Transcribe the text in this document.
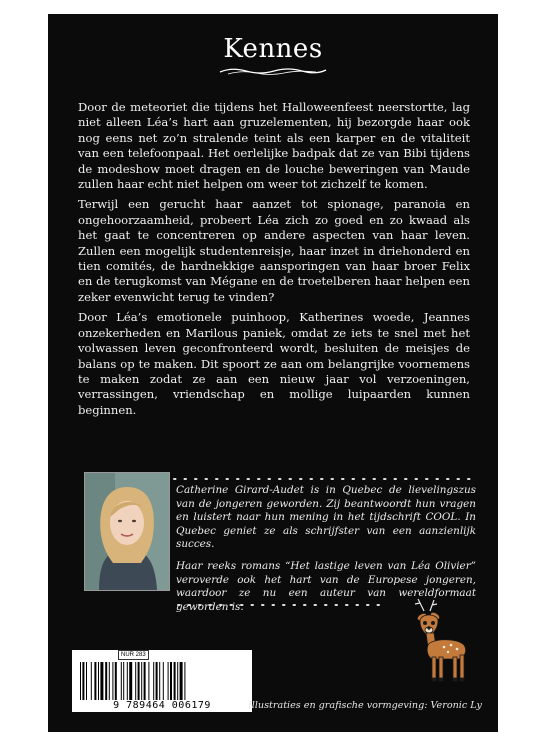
Kennes

Door de meteoriet die tijdens het Halloweenfeest neerstortte, lag niet alleen Léa’s hart aan gruzelementen, hij bezorgde haar ook nog eens net zo’n stralende teint als een karper en de vitaliteit van een telefoonpaal. Het oerlelijke badpak dat ze van Bibi tijdens de modeshow moet dragen en de louche beweringen van Maude zullen haar echt niet helpen om weer tot zichzelf te komen.

Terwijl een gerucht haar aanzet tot spionage, paranoia en ongehoorzaamheid, probeert Léa zich zo goed en zo kwaad als het gaat te concentreren op andere aspecten van haar leven. Zullen een mogelijk studentenreisje, haar inzet in driehonderd en tien comités, de hardnekkige aansporingen van haar broer Felix en de terugkomst van Mégane en de troetelberen haar helpen een zeker evenwicht terug te vinden?

Door Léa’s emotionele puinhoop, Katherines woede, Jeannes onzekerheden en Marilous paniek, omdat ze iets te snel met het volwassen leven geconfronteerd wordt, besluiten de meisjes de balans op te maken. Dit spoort ze aan om belangrijke voornemens te maken zodat ze aan een nieuw jaar vol verzoeningen, verrassingen, vriendschap en mollige luipaarden kunnen beginnen.

Catherine Girard-Audet is in Quebec de lievelingszus van de jongeren geworden. Zij beantwoordt hun vragen en luistert naar hun mening in het tijdschrift COOL. In Quebec geniet ze als schrijfster van een aanzienlijk succes.

Haar reeks romans “Het lastige leven van Léa Olivier” veroverde ook het hart van de Europese jongeren, waardoor ze nu een auteur van wereldformaat geworden is.

NUR 283
9 789464 006179	Illustraties en grafische vormgeving: Veronic Ly
